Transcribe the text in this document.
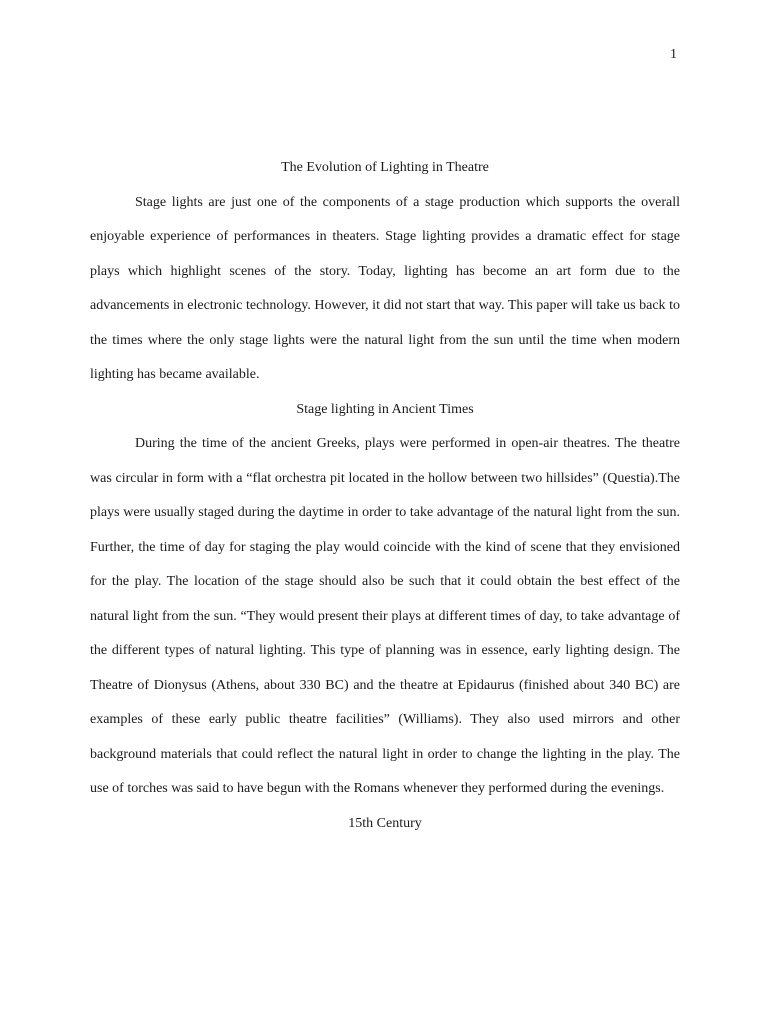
1
The Evolution of Lighting in Theatre

Stage lights are just one of the components of a stage production which supports the overall enjoyable experience of performances in theaters. Stage lighting provides a dramatic effect for stage plays which highlight scenes of the story. Today, lighting has become an art form due to the advancements in electronic technology. However, it did not start that way. This paper will take us back to the times where the only stage lights were the natural light from the sun until the time when modern lighting has became available.

Stage lighting in Ancient Times

During the time of the ancient Greeks, plays were performed in open-air theatres. The theatre was circular in form with a “flat orchestra pit located in the hollow between two hillsides” (Questia).The plays were usually staged during the daytime in order to take advantage of the natural light from the sun. Further, the time of day for staging the play would coincide with the kind of scene that they envisioned for the play. The location of the stage should also be such that it could obtain the best effect of the natural light from the sun. “They would present their plays at different times of day, to take advantage of the different types of natural lighting. This type of planning was in essence, early lighting design. The Theatre of Dionysus (Athens, about 330 BC) and the theatre at Epidaurus (finished about 340 BC) are examples of these early public theatre facilities” (Williams). They also used mirrors and other background materials that could reflect the natural light in order to change the lighting in the play. The use of torches was said to have begun with the Romans whenever they performed during the evenings.

15th Century
